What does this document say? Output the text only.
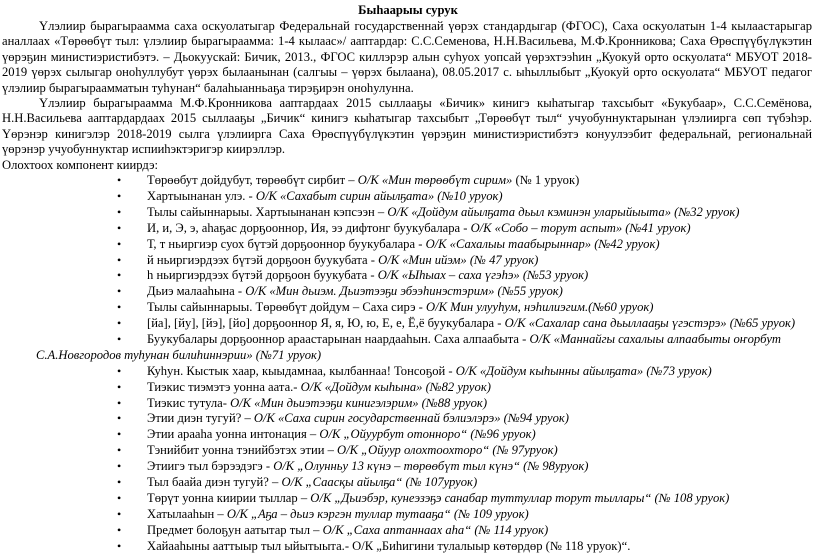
Быһаарыы сурук
Үлэлиир бырагыраамма саха оскуолатыгар Федеральнай государственнай үөрэх стандардыгар (ФГОС), Саха оскуолатын 1-4 кылаастарыгар аналлаах «Төрөөбүт тыл: үлэлиир бырагыраамма: 1-4 кылаас»/ ааптардар: С.С.Семенова, Н.Н.Васильева, М.Ф.Кронникова; Саха Өрөспүүбүлүкэтин үөрэҕин министиэристибэтэ. – Дьокуускай: Бичик, 2013., ФГОС киллэрэр алын суһуох уопсай үөрэхтээһин „Куокуй орто оскуолата“ МБУОТ 2018-2019 үөрэх сылыгар оноһуллубут үөрэх былаанынан (салгыы – үөрэх былаана), 08.05.2017 с. ыһыллыбыт „Куокуй орто оскуолата“ МБУОТ педагог үлэлиир бырагыраамматын туһунан“ балаһыанньаҕа тирэҕирэн оноһулунна.
Үлэлиир бырагыраамма М.Ф.Кронникова ааптардаах 2015 сыллааҕы «Бичик» кинигэ кыһатыгар тахсыбыт «Букубаар», С.С.Семёнова, Н.Н.Васильева ааптардардаах 2015 сыллааҕы „Бичик“ кинигэ кыһатыгар тахсыбыт „Төрөөбүт тыл“ учуобуннуктарынан үлэлиирга сөп түбэһэр. Үөрэнэр кинигэлэр 2018-2019 сылга үлэлиирга Саха Өрөспүүбүлүкэтин үөрэҕин министиэристибэтэ конуулээбит федеральнай, региональнай үөрэнэр учуобуннуктар испииһэктэригэр киирэллэр.
Олохтоох компонент киирдэ:
• Төрөөбут дойдубут, төрөөбүт сирбит – О/К «Мин төрөөбүт сирим» (№ 1 уруок)
• Хартыынанан улэ. - О/К «Сахабыт сирин айылҕата» (№10 уруок)
• Тылы сайыннарыы. Хартыынанан кэпсээн – О/К «Дойдум айылҕата дьыл кэминэн уларыйыыта» (№32 уруок)
• И, и, Э, э, аһаҕас дорҕооннор, Ия, ээ дифтонг буукубалара - О/К «Собо – торут аспыт» (№41 уруок)
• Т, т ньиргиэр суох бүтэй дорҕооннор буукубалара - О/К «Сахалыы таабырыннар» (№42 уруок)
• й ньиргиэрдээх бүтэй дорҕоон буукубата - О/К «Мин ийэм» (№ 47 уруок)
• һ ньиргиэрдээх бүтэй дорҕоон буукубата - О/К «Ыһыах – саха үгэһэ» (№53 уруок)
• Дьиэ малааһына - О/К «Мин дьиэм. Дьиэтээҕи эбээһинэстэрим» (№55 уруок)
• Тылы сайыннарыы. Төрөөбүт дойдум – Саха сирэ - О/К Мин улууһум, нэһилиэгим.(№60 уруок)
• [йа], [йу], [йэ], [йо] дорҕооннор Я, я, Ю, ю, Е, е, Ё,ё буукубалара - О/К «Сахалар сана дьыллааҕы үгэстэрэ» (№65 уруок)
• Буукубалары дорҕооннор араастарынан наардааһын. Саха алпаабыта - О/К «Маннайгы сахалыы алпаабыты оҥорбут
С.А.Новгородов туһунан билиһиннэрии» (№71 уруок)
• Куһун. Кыстык хаар, кыыдамнаа, кылбаннаа! Тонсоҕой - О/К «Дойдум кыһынны айылҕата» (№73 уруок)
• Тиэкис тиэмэтэ уонна аата.- О/К «Дойдум кыһына» (№82 уруок)
• Тиэкис тутула- О/К «Мин дьиэтээҕи кинигэлэрим» (№88 уруок)
• Этии диэн тугуй? – О/К «Саха сирин государственнай бэлиэлэрэ» (№94 уруок)
• Этии арааһа уонна интонация – О/К „Ойуурбут отонноро“ (№96 уруок)
• Тэнийбит уонна тэнийбэтэх этии – О/К „Ойуур олохтоохторо“ (№ 97уруок)
• Этиигэ тыл бэрээдэгэ - О/К „Олунньу 13 күнэ – төрөөбүт тыл күнэ“ (№ 98уруок)
• Тыл баайа диэн тугуй? – О/К „Саасқы айылҕа“ (№ 107уруок)
• Төрүт уонна киирии тыллар – О/К „Дьиэбэр, кунеэзэҕэ санабар туттуллар торут тыллары“ (№ 108 уруок)
• Хатылааһын – О/К „Аҕа – дьиэ кэргэн туллар тутааҕа“ (№ 109 уруок)
• Предмет болоҕун аатытар тыл – О/К „Саха аптаннаах аһа“ (№ 114 уруок)
• Хайааһыны ааттыыр тыл ыйытыыта.- О/К „Биһигини тулалыыр көтөрдөр (№ 118 уруок)“.
